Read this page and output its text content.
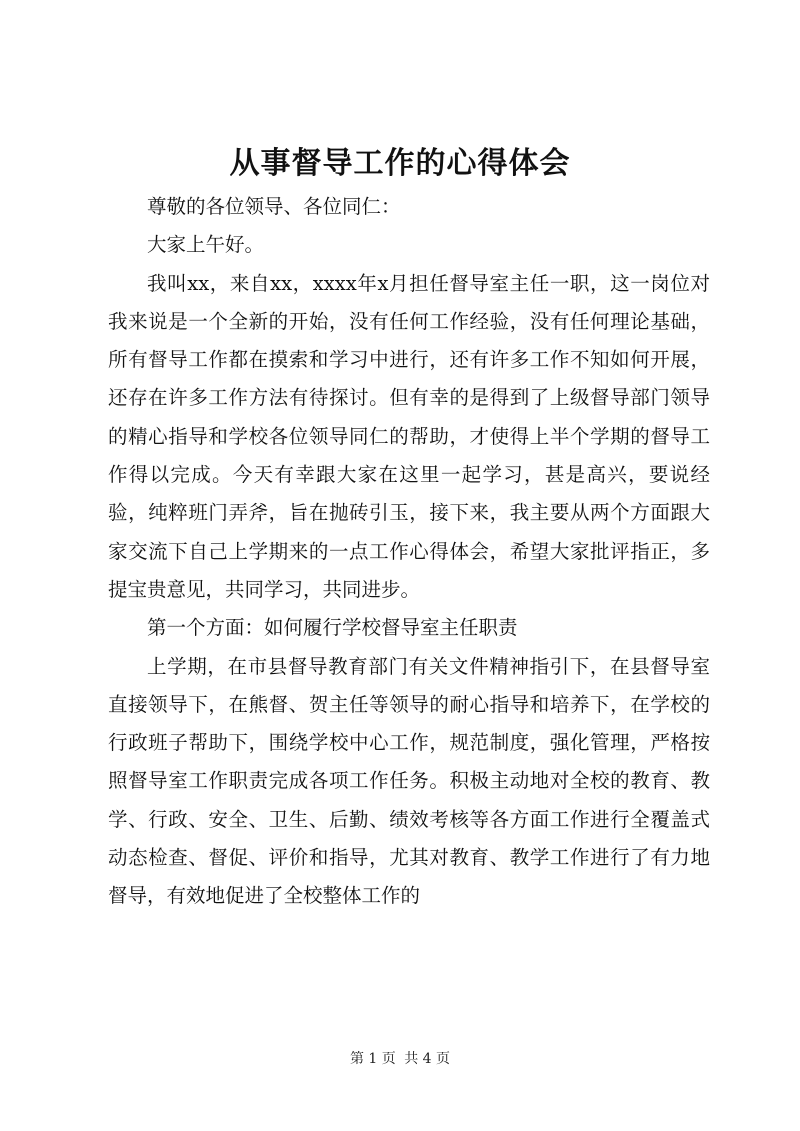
从事督导工作的心得体会

尊敬的各位领导、各位同仁：

大家上午好。

我叫xx，来自xx，xxxx年x月担任督导室主任一职，这一岗位对我来说是一个全新的开始，没有任何工作经验，没有任何理论基础，所有督导工作都在摸索和学习中进行，还有许多工作不知如何开展，还存在许多工作方法有待探讨。但有幸的是得到了上级督导部门领导的精心指导和学校各位领导同仁的帮助，才使得上半个学期的督导工作得以完成。今天有幸跟大家在这里一起学习，甚是高兴，要说经验，纯粹班门弄斧，旨在抛砖引玉，接下来，我主要从两个方面跟大家交流下自己上学期来的一点工作心得体会，希望大家批评指正，多提宝贵意见，共同学习，共同进步。

第一个方面：如何履行学校督导室主任职责

上学期，在市县督导教育部门有关文件精神指引下，在县督导室直接领导下，在熊督、贺主任等领导的耐心指导和培养下，在学校的行政班子帮助下，围绕学校中心工作，规范制度，强化管理，严格按照督导室工作职责完成各项工作任务。积极主动地对全校的教育、教学、行政、安全、卫生、后勤、绩效考核等各方面工作进行全覆盖式动态检查、督促、评价和指导，尤其对教育、教学工作进行了有力地督导，有效地促进了全校整体工作的

第 1 页 共 4 页
